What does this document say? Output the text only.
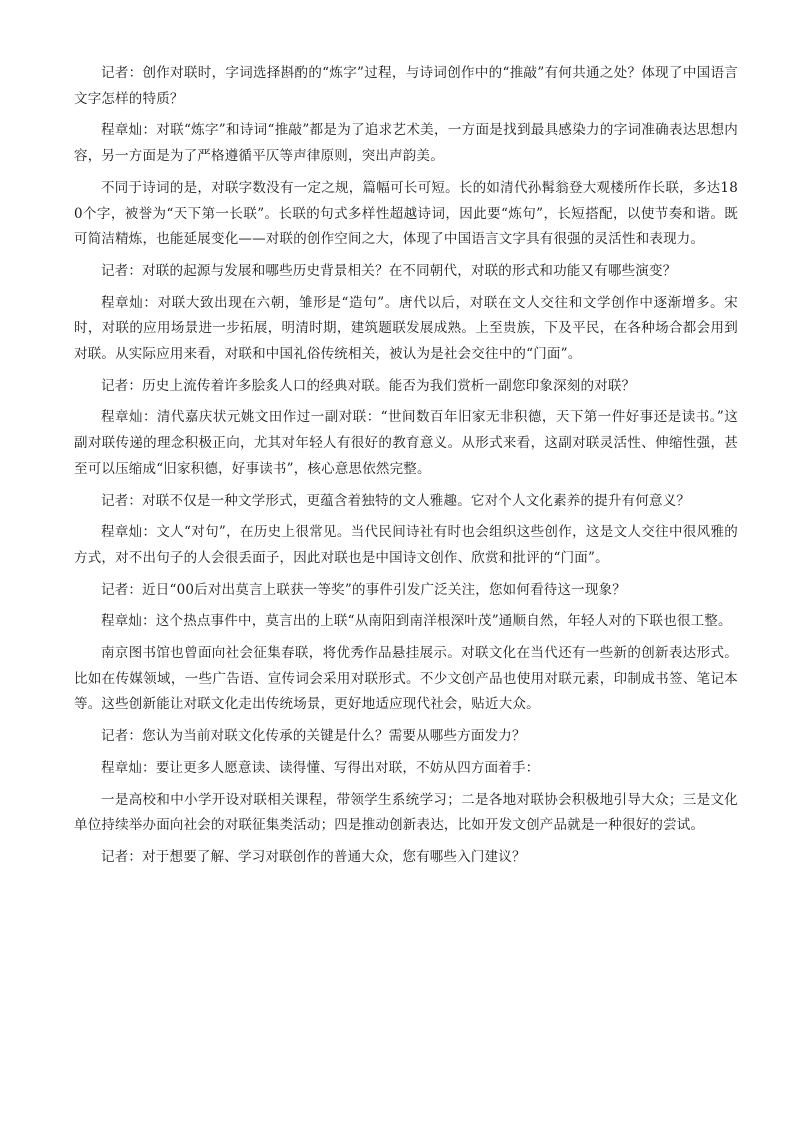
记者：创作对联时，字词选择斟酌的“炼字”过程，与诗词创作中的“推敲”有何共通之处？体现了中国语言文字怎样的特质？

程章灿：对联“炼字”和诗词“推敲”都是为了追求艺术美，一方面是找到最具感染力的字词准确表达思想内容，另一方面是为了严格遵循平仄等声律原则，突出声韵美。

不同于诗词的是，对联字数没有一定之规，篇幅可长可短。长的如清代孙髯翁登大观楼所作长联，多达180个字，被誉为“天下第一长联”。长联的句式多样性超越诗词，因此要“炼句”，长短搭配，以使节奏和谐。既可简洁精炼，也能延展变化——对联的创作空间之大，体现了中国语言文字具有很强的灵活性和表现力。

记者：对联的起源与发展和哪些历史背景相关？在不同朝代，对联的形式和功能又有哪些演变？

程章灿：对联大致出现在六朝，雏形是“造句”。唐代以后，对联在文人交往和文学创作中逐渐增多。宋时，对联的应用场景进一步拓展，明清时期，建筑题联发展成熟。上至贵族，下及平民，在各种场合都会用到对联。从实际应用来看，对联和中国礼俗传统相关，被认为是社会交往中的“门面”。

记者：历史上流传着许多脍炙人口的经典对联。能否为我们赏析一副您印象深刻的对联？

程章灿：清代嘉庆状元姚文田作过一副对联：“世间数百年旧家无非积德，天下第一件好事还是读书。”这副对联传递的理念积极正向，尤其对年轻人有很好的教育意义。从形式来看，这副对联灵活性、伸缩性强，甚至可以压缩成“旧家积德，好事读书”，核心意思依然完整。

记者：对联不仅是一种文学形式，更蕴含着独特的文人雅趣。它对个人文化素养的提升有何意义？

程章灿：文人“对句”，在历史上很常见。当代民间诗社有时也会组织这些创作，这是文人交往中很风雅的方式，对不出句子的人会很丢面子，因此对联也是中国诗文创作、欣赏和批评的“门面”。

记者：近日“00后对出莫言上联获一等奖”的事件引发广泛关注，您如何看待这一现象？

程章灿：这个热点事件中，莫言出的上联“从南阳到南洋根深叶茂”通顺自然，年轻人对的下联也很工整。

南京图书馆也曾面向社会征集春联，将优秀作品悬挂展示。对联文化在当代还有一些新的创新表达形式。比如在传媒领域，一些广告语、宣传词会采用对联形式。不少文创产品也使用对联元素，印制成书签、笔记本等。这些创新能让对联文化走出传统场景，更好地适应现代社会，贴近大众。

记者：您认为当前对联文化传承的关键是什么？需要从哪些方面发力？

程章灿：要让更多人愿意读、读得懂、写得出对联，不妨从四方面着手：

一是高校和中小学开设对联相关课程，带领学生系统学习；二是各地对联协会积极地引导大众；三是文化单位持续举办面向社会的对联征集类活动；四是推动创新表达，比如开发文创产品就是一种很好的尝试。

记者：对于想要了解、学习对联创作的普通大众，您有哪些入门建议？
